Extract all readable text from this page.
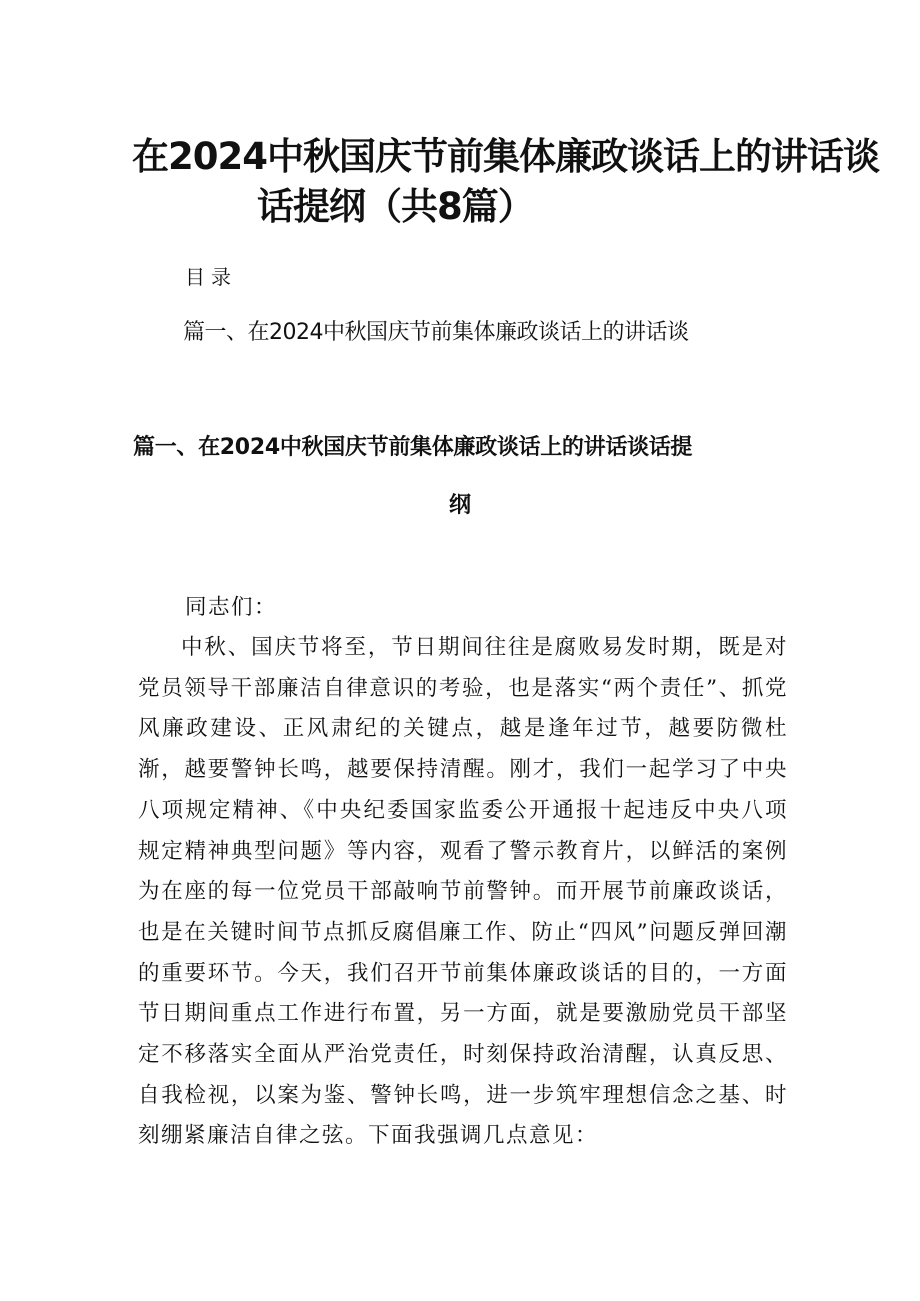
在2024中秋国庆节前集体廉政谈话上的讲话谈
话提纲（共8篇）
目录
篇一、在2024中秋国庆节前集体廉政谈话上的讲话谈
篇一、在2024中秋国庆节前集体廉政谈话上的讲话谈话提
纲

同志们：

中秋、国庆节将至，节日期间往往是腐败易发时期，既是对党员领导干部廉洁自律意识的考验，也是落实“两个责任”、抓党风廉政建设、正风肃纪的关键点，越是逢年过节，越要防微杜渐，越要警钟长鸣，越要保持清醒。刚才，我们一起学习了中央八项规定精神、《中央纪委国家监委公开通报十起违反中央八项规定精神典型问题》等内容，观看了警示教育片，以鲜活的案例为在座的每一位党员干部敲响节前警钟。而开展节前廉政谈话，也是在关键时间节点抓反腐倡廉工作、防止“四风”问题反弹回潮的重要环节。今天，我们召开节前集体廉政谈话的目的，一方面节日期间重点工作进行布置，另一方面，就是要激励党员干部坚定不移落实全面从严治党责任，时刻保持政治清醒，认真反思、自我检视，以案为鉴、警钟长鸣，进一步筑牢理想信念之基、时刻绷紧廉洁自律之弦。下面我强调几点意见：
